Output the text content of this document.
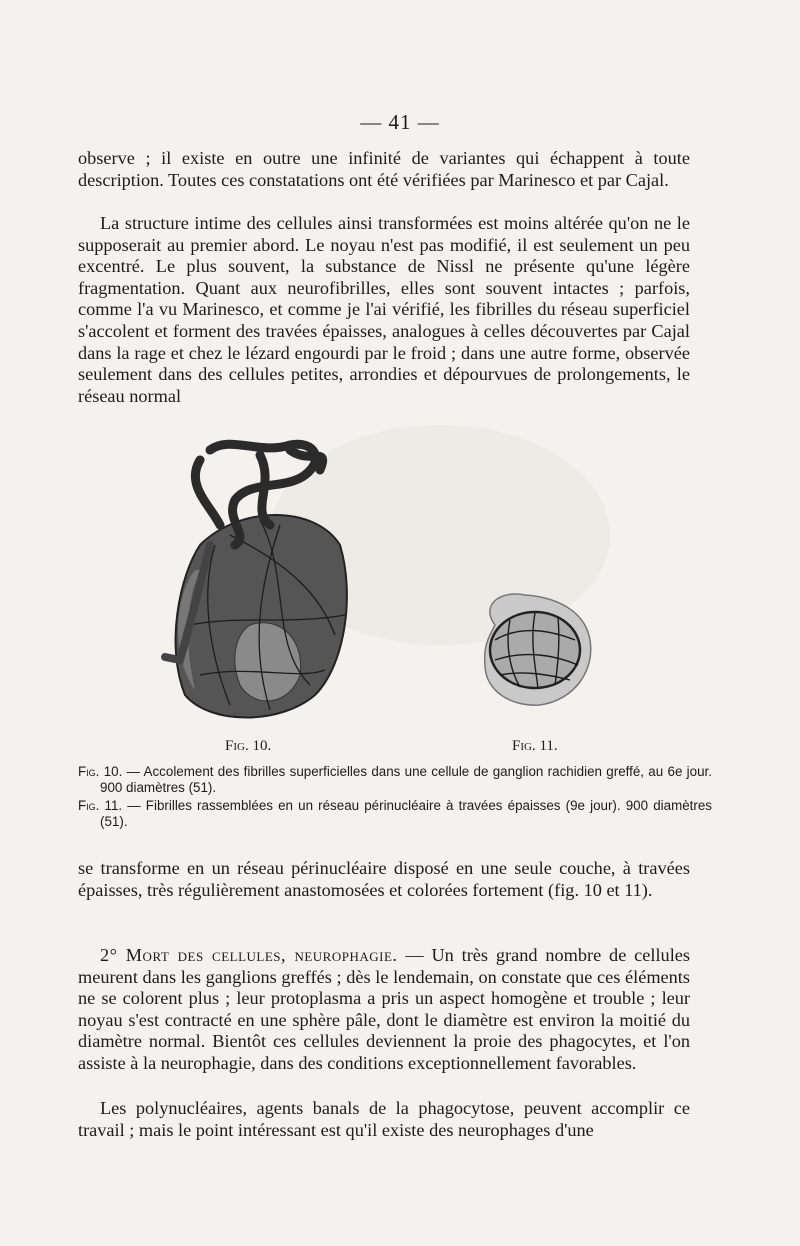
— 41 —

observe ; il existe en outre une infinité de variantes qui échappent à toute description. Toutes ces constatations ont été vérifiées par Marinesco et par Cajal.

La structure intime des cellules ainsi transformées est moins altérée qu'on ne le supposerait au premier abord. Le noyau n'est pas modifié, il est seulement un peu excentré. Le plus souvent, la substance de Nissl ne présente qu'une légère fragmentation. Quant aux neurofibrilles, elles sont souvent intactes ; parfois, comme l'a vu Marinesco, et comme je l'ai vérifié, les fibrilles du réseau superficiel s'accolent et forment des travées épaisses, analogues à celles découvertes par Cajal dans la rage et chez le lézard engourdi par le froid ; dans une autre forme, observée seulement dans des cellules petites, arrondies et dépourvues de prolongements, le réseau normal

Fig. 10.	Fig. 11.

Fig. 10. — Accolement des fibrilles superficielles dans une cellule de ganglion rachidien greffé, au 6e jour. 900 diamètres (51).

Fig. 11. — Fibrilles rassemblées en un réseau périnucléaire à travées épaisses (9e jour). 900 diamètres (51).

se transforme en un réseau périnucléaire disposé en une seule couche, à travées épaisses, très régulièrement anastomosées et colorées fortement (fig. 10 et 11).

2° Mort des cellules, neurophagie. — Un très grand nombre de cellules meurent dans les ganglions greffés ; dès le lendemain, on constate que ces éléments ne se colorent plus ; leur protoplasma a pris un aspect homogène et trouble ; leur noyau s'est contracté en une sphère pâle, dont le diamètre est environ la moitié du diamètre normal. Bientôt ces cellules deviennent la proie des phagocytes, et l'on assiste à la neurophagie, dans des conditions exceptionnellement favorables.

Les polynucléaires, agents banals de la phagocytose, peuvent accomplir ce travail ; mais le point intéressant est qu'il existe des neurophages d'une
